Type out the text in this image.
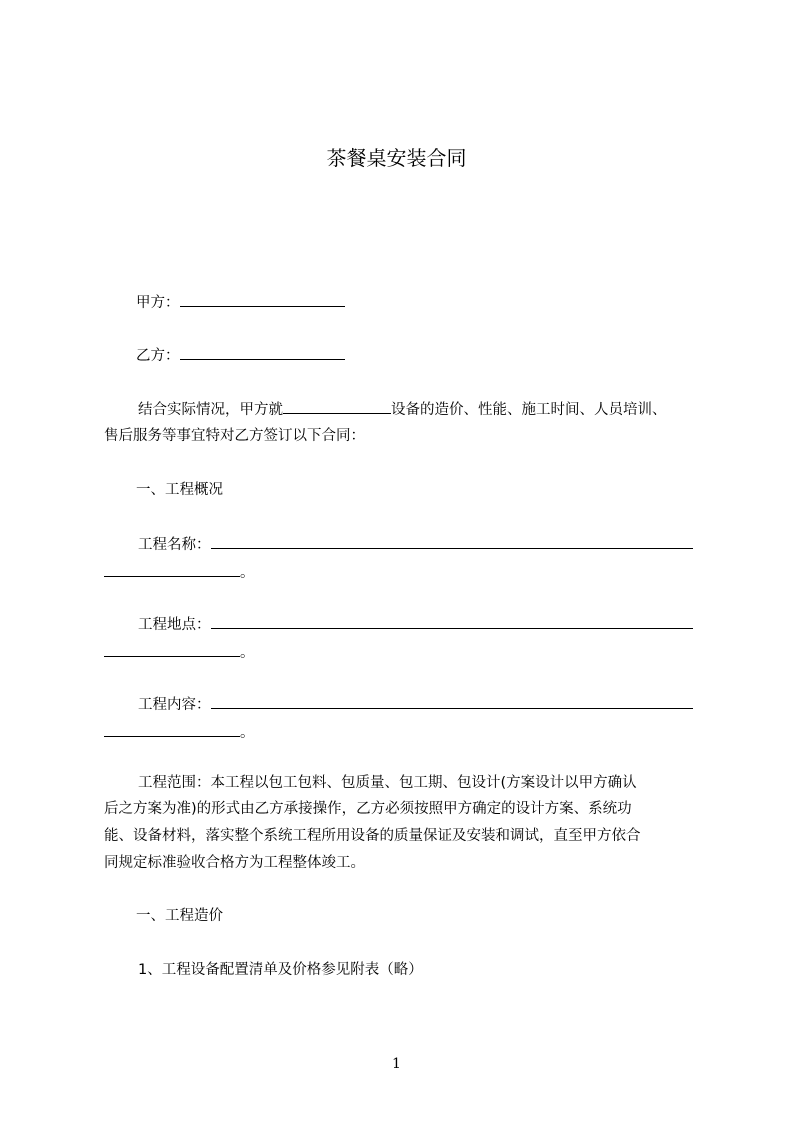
茶餐桌安装合同
甲方：
乙方：
结合实际情况，甲方就	设备的造价、性能、施工时间、人员培训、
售后服务等事宜特对乙方签订以下合同：
一、工程概况
工程名称：
。
工程地点：
。
工程内容：
。
工程范围：本工程以包工包料、包质量、包工期、包设计(方案设计以甲方确认
后之方案为准)的形式由乙方承接操作，乙方必须按照甲方确定的设计方案、系统功
能、设备材料，落实整个系统工程所用设备的质量保证及安装和调试，直至甲方依合
同规定标准验收合格方为工程整体竣工。
一、工程造价
1、工程设备配置清单及价格参见附表（略）
1
